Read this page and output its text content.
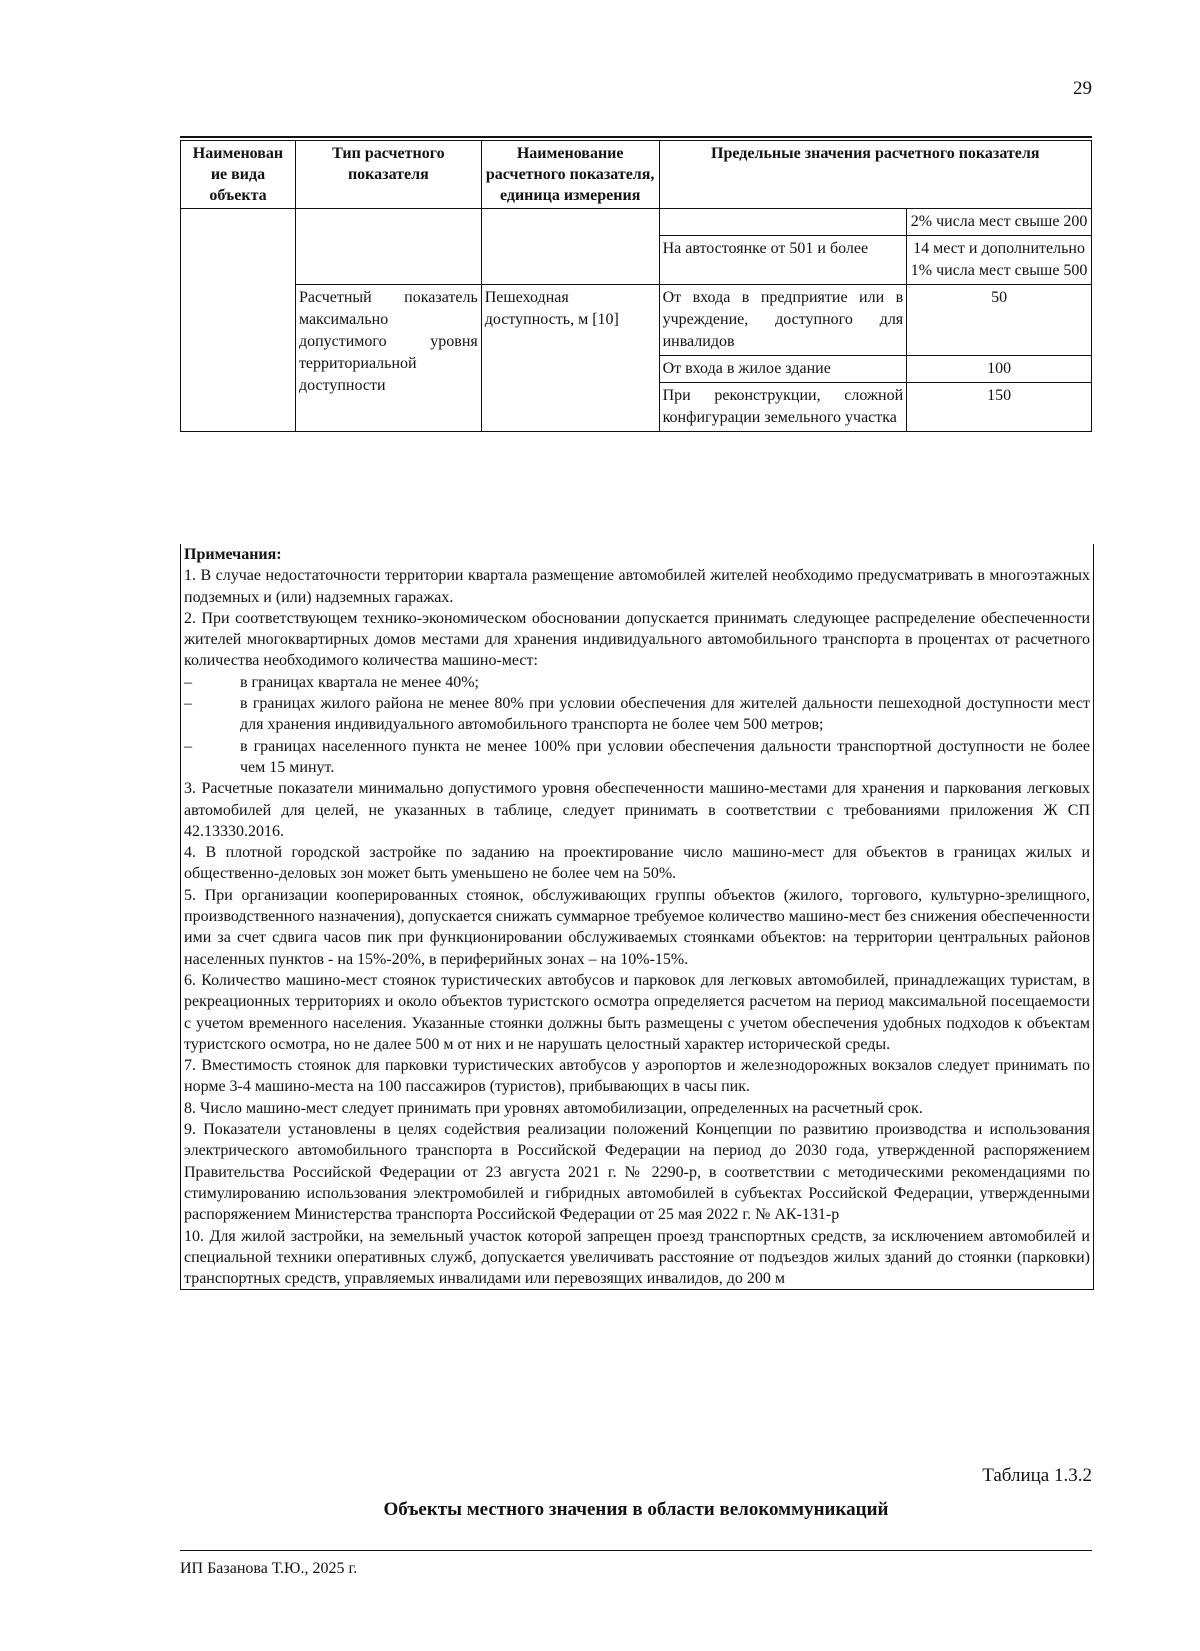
29
Наименован ие вида объекта	Тип расчетного показателя	Наименование расчетного показателя, единица измерения	Предельные значения расчетного показателя	
				2% числа мест свыше 200
			На автостоянке от 501 и более	14 мест и дополнительно 1% числа мест свыше 500
	Расчетный показатель максимально допустимого уровня территориальной доступности	Пешеходная доступность, м [10]	От входа в предприятие или в учреждение, доступного для инвалидов	50
			От входа в жилое здание	100
			При реконструкции, сложной конфигурации земельного участка	150

Примечания:

1. В случае недостаточности территории квартала размещение автомобилей жителей необходимо предусматривать в многоэтажных подземных и (или) надземных гаражах.

2. При соответствующем технико-экономическом обосновании допускается принимать следующее распределение обеспеченности жителей многоквартирных домов местами для хранения индивидуального автомобильного транспорта в процентах от расчетного количества необходимого количества машино-мест:

–	в границах квартала не менее 40%;
–	в границах жилого района не менее 80% при условии обеспечения для жителей дальности пешеходной доступности мест для хранения индивидуального автомобильного транспорта не более чем 500 метров;
–	в границах населенного пункта не менее 100% при условии обеспечения дальности транспортной доступности не более чем 15 минут.

3. Расчетные показатели минимально допустимого уровня обеспеченности машино-местами для хранения и паркования легковых автомобилей для целей, не указанных в таблице, следует принимать в соответствии с требованиями приложения Ж СП 42.13330.2016.

4. В плотной городской застройке по заданию на проектирование число машино-мест для объектов в границах жилых и общественно-деловых зон может быть уменьшено не более чем на 50%.

5. При организации кооперированных стоянок, обслуживающих группы объектов (жилого, торгового, культурно-зрелищного, производственного назначения), допускается снижать суммарное требуемое количество машино-мест без снижения обеспеченности ими за счет сдвига часов пик при функционировании обслуживаемых стоянками объектов: на территории центральных районов населенных пунктов - на 15%-20%, в периферийных зонах – на 10%-15%.

6. Количество машино-мест стоянок туристических автобусов и парковок для легковых автомобилей, принадлежащих туристам, в рекреационных территориях и около объектов туристского осмотра определяется расчетом на период максимальной посещаемости с учетом временного населения. Указанные стоянки должны быть размещены с учетом обеспечения удобных подходов к объектам туристского осмотра, но не далее 500 м от них и не нарушать целостный характер исторической среды.

7. Вместимость стоянок для парковки туристических автобусов у аэропортов и железнодорожных вокзалов следует принимать по норме 3-4 машино-места на 100 пассажиров (туристов), прибывающих в часы пик.

8. Число машино-мест следует принимать при уровнях автомобилизации, определенных на расчетный срок.

9. Показатели установлены в целях содействия реализации положений Концепции по развитию производства и использования электрического автомобильного транспорта в Российской Федерации на период до 2030 года, утвержденной распоряжением Правительства Российской Федерации от 23 августа 2021 г. № 2290-р, в соответствии с методическими рекомендациями по стимулированию использования электромобилей и гибридных автомобилей в субъектах Российской Федерации, утвержденными распоряжением Министерства транспорта Российской Федерации от 25 мая 2022 г. № АК-131-р

10. Для жилой застройки, на земельный участок которой запрещен проезд транспортных средств, за исключением автомобилей и специальной техники оперативных служб, допускается увеличивать расстояние от подъездов жилых зданий до стоянки (парковки) транспортных средств, управляемых инвалидами или перевозящих инвалидов, до 200 м

Таблица 1.3.2
Объекты местного значения в области велокоммуникаций
ИП Базанова Т.Ю., 2025 г.
